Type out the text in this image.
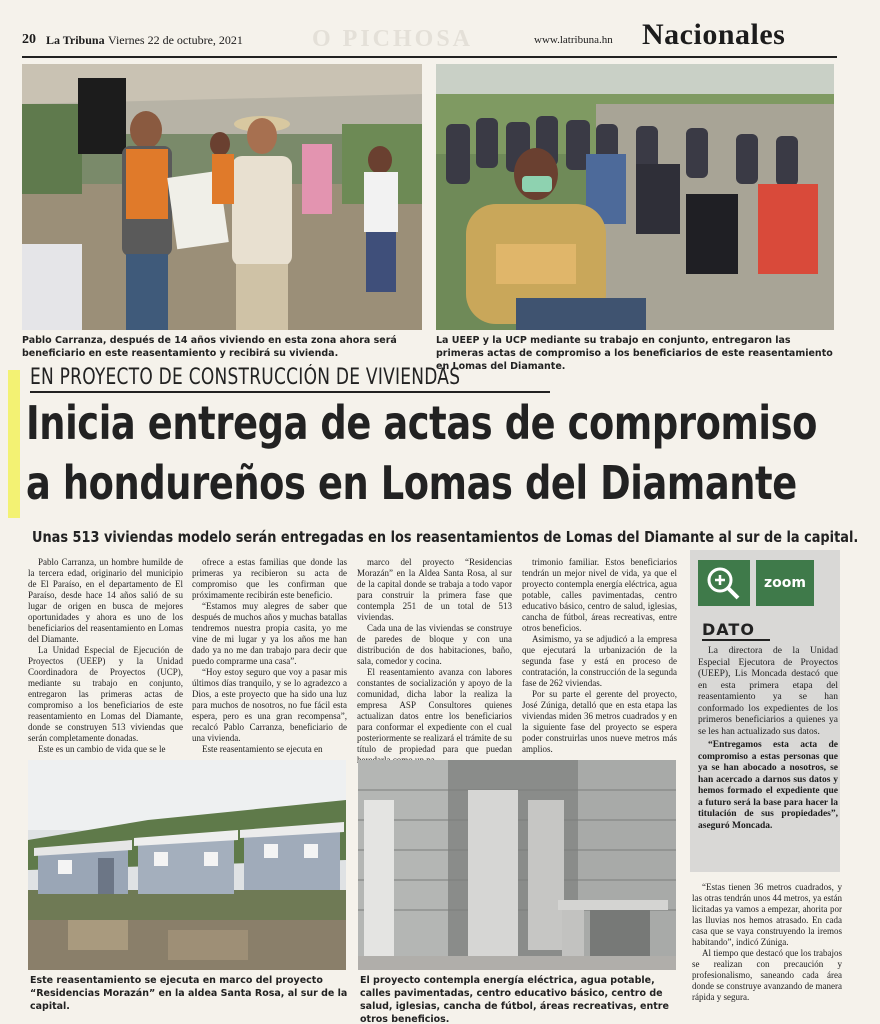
O PICHOSA
20 La Tribuna Viernes 22 de octubre, 2021	www.latribuna.hn Nacionales
Pablo Carranza, después de 14 años viviendo en esta zona ahora será beneficiario en este reasentamiento y recibirá su vivienda.
La UEEP y la UCP mediante su trabajo en conjunto, entregaron las primeras actas de compromiso a los beneficiarios de este reasentamiento en Lomas del Diamante.
EN PROYECTO DE CONSTRUCCIÓN DE VIVIENDAS
Inicia entrega de actas de compromiso
a hondureños en Lomas del Diamante
Unas 513 viviendas modelo serán entregadas en los reasentamientos de Lomas del Diamante al sur de la capital.

Pablo Carranza, un hombre humilde de la tercera edad, originario del municipio de El Paraíso, en el departamento de El Paraíso, desde hace 14 años salió de su lugar de origen en busca de mejores oportunidades y ahora es uno de los beneficiarios del reasentamiento en Lomas del Diamante.

La Unidad Especial de Ejecución de Proyectos (UEEP) y la Unidad Coordinadora de Proyectos (UCP), mediante su trabajo en conjunto, entregaron las primeras actas de compromiso a los beneficiarios de este reasentamiento en Lomas del Diamante, donde se construyen 513 viviendas que serán completamente donadas.

Este es un cambio de vida que se le

ofrece a estas familias que donde las primeras ya recibieron su acta de compromiso que les confirman que próximamente recibirán este beneficio.

“Estamos muy alegres de saber que después de muchos años y muchas batallas tendremos nuestra propia casita, yo me vine de mi lugar y ya los años me han dado ya no me dan trabajo para decir que puedo comprarme una casa”.

“Hoy estoy seguro que voy a pasar mis últimos días tranquilo, y se lo agradezco a Dios, a este proyecto que ha sido una luz para muchos de nosotros, no fue fácil esta espera, pero es una gran recompensa”, recalcó Pablo Carranza, beneficiario de una vivienda.

Este reasentamiento se ejecuta en

marco del proyecto “Residencias Morazán” en la Aldea Santa Rosa, al sur de la capital donde se trabaja a todo vapor para construir la primera fase que contempla 251 de un total de 513 viviendas.

Cada una de las viviendas se construye de paredes de bloque y con una distribución de dos habitaciones, baño, sala, comedor y cocina.

El reasentamiento avanza con labores constantes de socialización y apoyo de la comunidad, dicha labor la realiza la empresa ASP Consultores quienes actualizan datos entre los beneficiarios para conformar el expediente con el cual posteriormente se realizará el trámite de su título de propiedad para que puedan

trimonio familiar. Estos beneficiarios tendrán un mejor nivel de vida, ya que el proyecto contempla energía eléctrica, agua potable, calles pavimentadas, centro educativo básico, centro de salud, iglesias, cancha de fútbol, áreas recreativas, entre otros beneficios.

Asimismo, ya se adjudicó a la empresa que ejecutará la urbanización de la segunda fase y está en proceso de contratación, la construcción de la segunda fase de 262 viviendas.

Por su parte el gerente del proyecto, José Zúniga, detalló que en esta etapa las viviendas miden 36 metros cuadrados y en la siguiente fase del proyecto se espera poder construirlas unos nueve metros más amplios.

zoom
DATO

La directora de la Unidad Especial Ejecutora de Proyectos (UEEP), Lis Moncada destacó que en esta primera etapa del reasentamiento ya se han conformado los expedientes de los primeros beneficiarios a quienes ya se les han actualizado sus datos.

“Entregamos esta acta de compromiso a estas personas que ya se han abocado a nosotros, se han acercado a darnos sus datos y hemos formado el expediente que a futuro será la base para hacer la titulación de sus propiedades”, aseguró Moncada.

“Estas tienen 36 metros cuadrados, y las otras tendrán unos 44 metros, ya están licitadas ya vamos a empezar, ahorita por las lluvias nos hemos atrasado. En cada casa que se vaya construyendo la iremos habitando”, indicó Zúniga.

Al tiempo que destacó que los trabajos se realizan con precaución y profesionalismo, saneando cada área donde se construye avanzando de manera rápida y segura.

Este reasentamiento se ejecuta en marco del proyecto “Residencias Morazán” en la aldea Santa Rosa, al sur de la capital.
El proyecto contempla energía eléctrica, agua potable, calles pavimentadas, centro educativo básico, centro de salud, iglesias, cancha de fútbol, áreas recreativas, entre otros beneficios.
